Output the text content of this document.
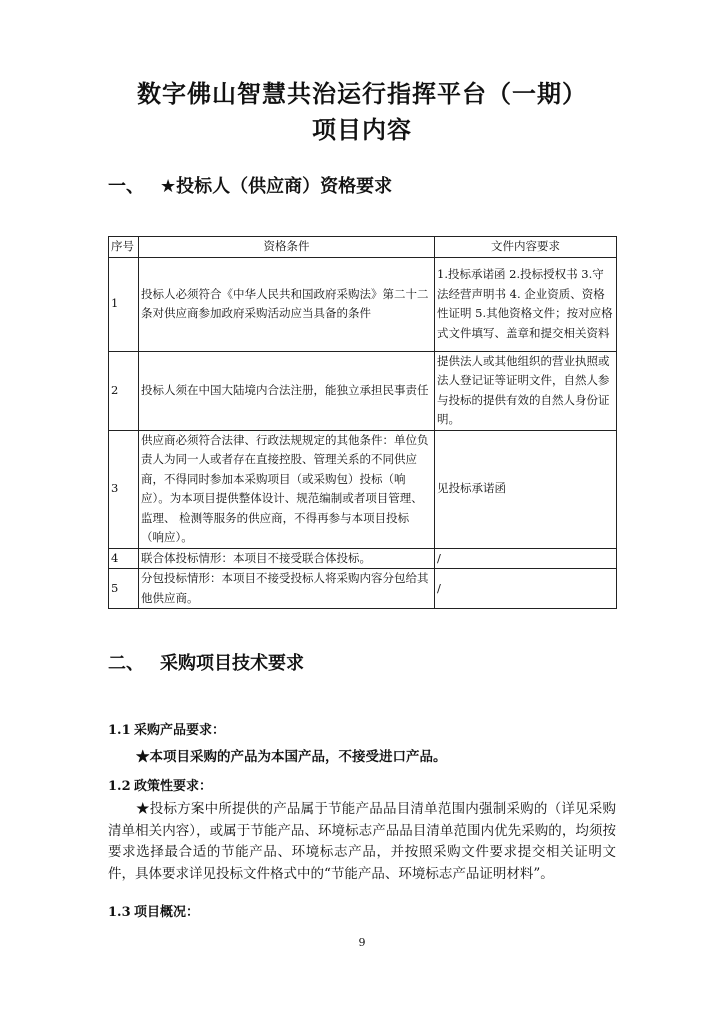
数字佛山智慧共治运行指挥平台（一期）
项目内容
一、 ★投标人（供应商）资格要求
序号	资格条件	文件内容要求
1	投标人必须符合《中华人民共和国政府采购法》第二十二条对供应商参加政府采购活动应当具备的条件	1.投标承诺函 2.投标授权书 3.守法经营声明书 4. 企业资质、资格性证明 5.其他资格文件；按对应格式文件填写、盖章和提交相关资料
2	投标人须在中国大陆境内合法注册，能独立承担民事责任	提供法人或其他组织的营业执照或法人登记证等证明文件，自然人参与投标的提供有效的自然人身份证明。
3	供应商必须符合法律、行政法规规定的其他条件：单位负责人为同一人或者存在直接控股、管理关系的不同供应商，不得同时参加本采购项目（或采购包）投标（响应）。为本项目提供整体设计、规范编制或者项目管理、监理、 检测等服务的供应商，不得再参与本项目投标（响应）。	见投标承诺函
4	联合体投标情形：本项目不接受联合体投标。	/
5	分包投标情形：本项目不接受投标人将采购内容分包给其他供应商。	/
二、 采购项目技术要求
1.1 采购产品要求：

★本项目采购的产品为本国产品，不接受进口产品。

1.2 政策性要求：

★投标方案中所提供的产品属于节能产品品目清单范围内强制采购的（详见采购清单相关内容），或属于节能产品、环境标志产品品目清单范围内优先采购的，均须按要求选择最合适的节能产品、环境标志产品，并按照采购文件要求提交相关证明文件，具体要求详见投标文件格式中的“节能产品、环境标志产品证明材料”。

1.3 项目概况：

9
